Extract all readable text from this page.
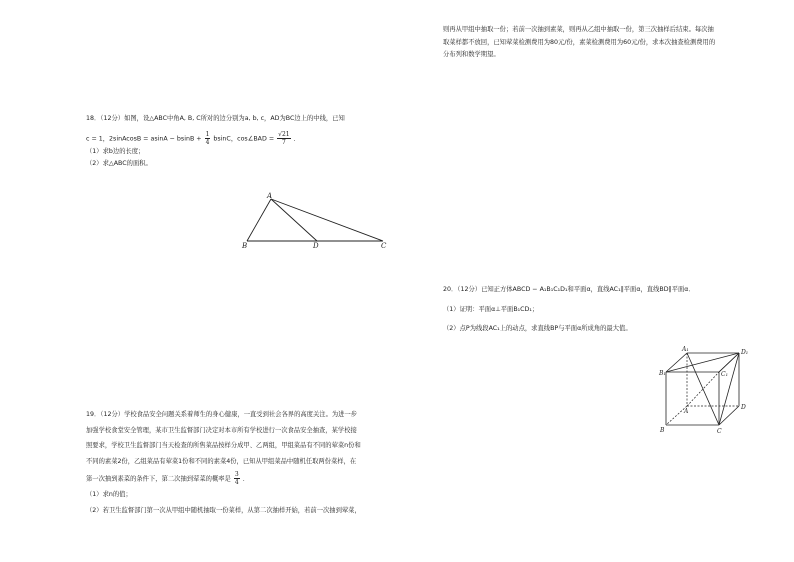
则再从甲组中抽取一份；若前一次抽到素菜，则再从乙组中抽取一份，第三次抽样后结束。每次抽
取菜样都不放回，已知荤菜检测费用为80元/份，素菜检测费用为60元/份，求本次抽查检测费用的
分布列和数学期望。
18．（12分）如图，设△ABC中角A, B, C所对的边分别为a, b, c，AD为BC边上的中线，已知
c = 1，2sinAcosB = $asinA - bsinB + \frac{1}{4}$ bsinC，cos∠BAD = $\frac{√21}{7}$ ．
（1）求b边的长度；
（2）求△ABC的面积。
A
B	D	C
20．（12分）已知正方体ABCD − A₁B₁C₁D₁和平面α，直线AC₁∥平面α，直线BD∥平面α．
（1）证明：平面α⊥平面B₁CD₁；
（2）点P为线段AC₁上的动点，求直线BP与平面α所成角的最大值。
A₁	D₁
B₁	C₁
A
D
B	C
19．（12分）学校食品安全问题关系着师生的身心健康，一直受到社会各界的高度关注。为进一步
加强学校食堂安全管理，某市卫生监督部门决定对本市所有学校进行一次食品安全抽查，某学校接
照要求，学校卫生监督部门当天检查的所售菜品按样分成甲、乙两组，甲组菜品有不同的荤菜n份和
不同的素菜2份，乙组菜品有荤菜1份和不同的素菜4份，已知从甲组菜品中随机任取两份菜样，在
第一次抽到素菜的条件下，第二次抽到荤菜的概率是 $\frac{3}{4}$ ．
（1）求n的值；
（2）若卫生监督部门第一次从甲组中随机抽取一份菜样，从第二次抽样开始，若前一次抽到荤菜，
